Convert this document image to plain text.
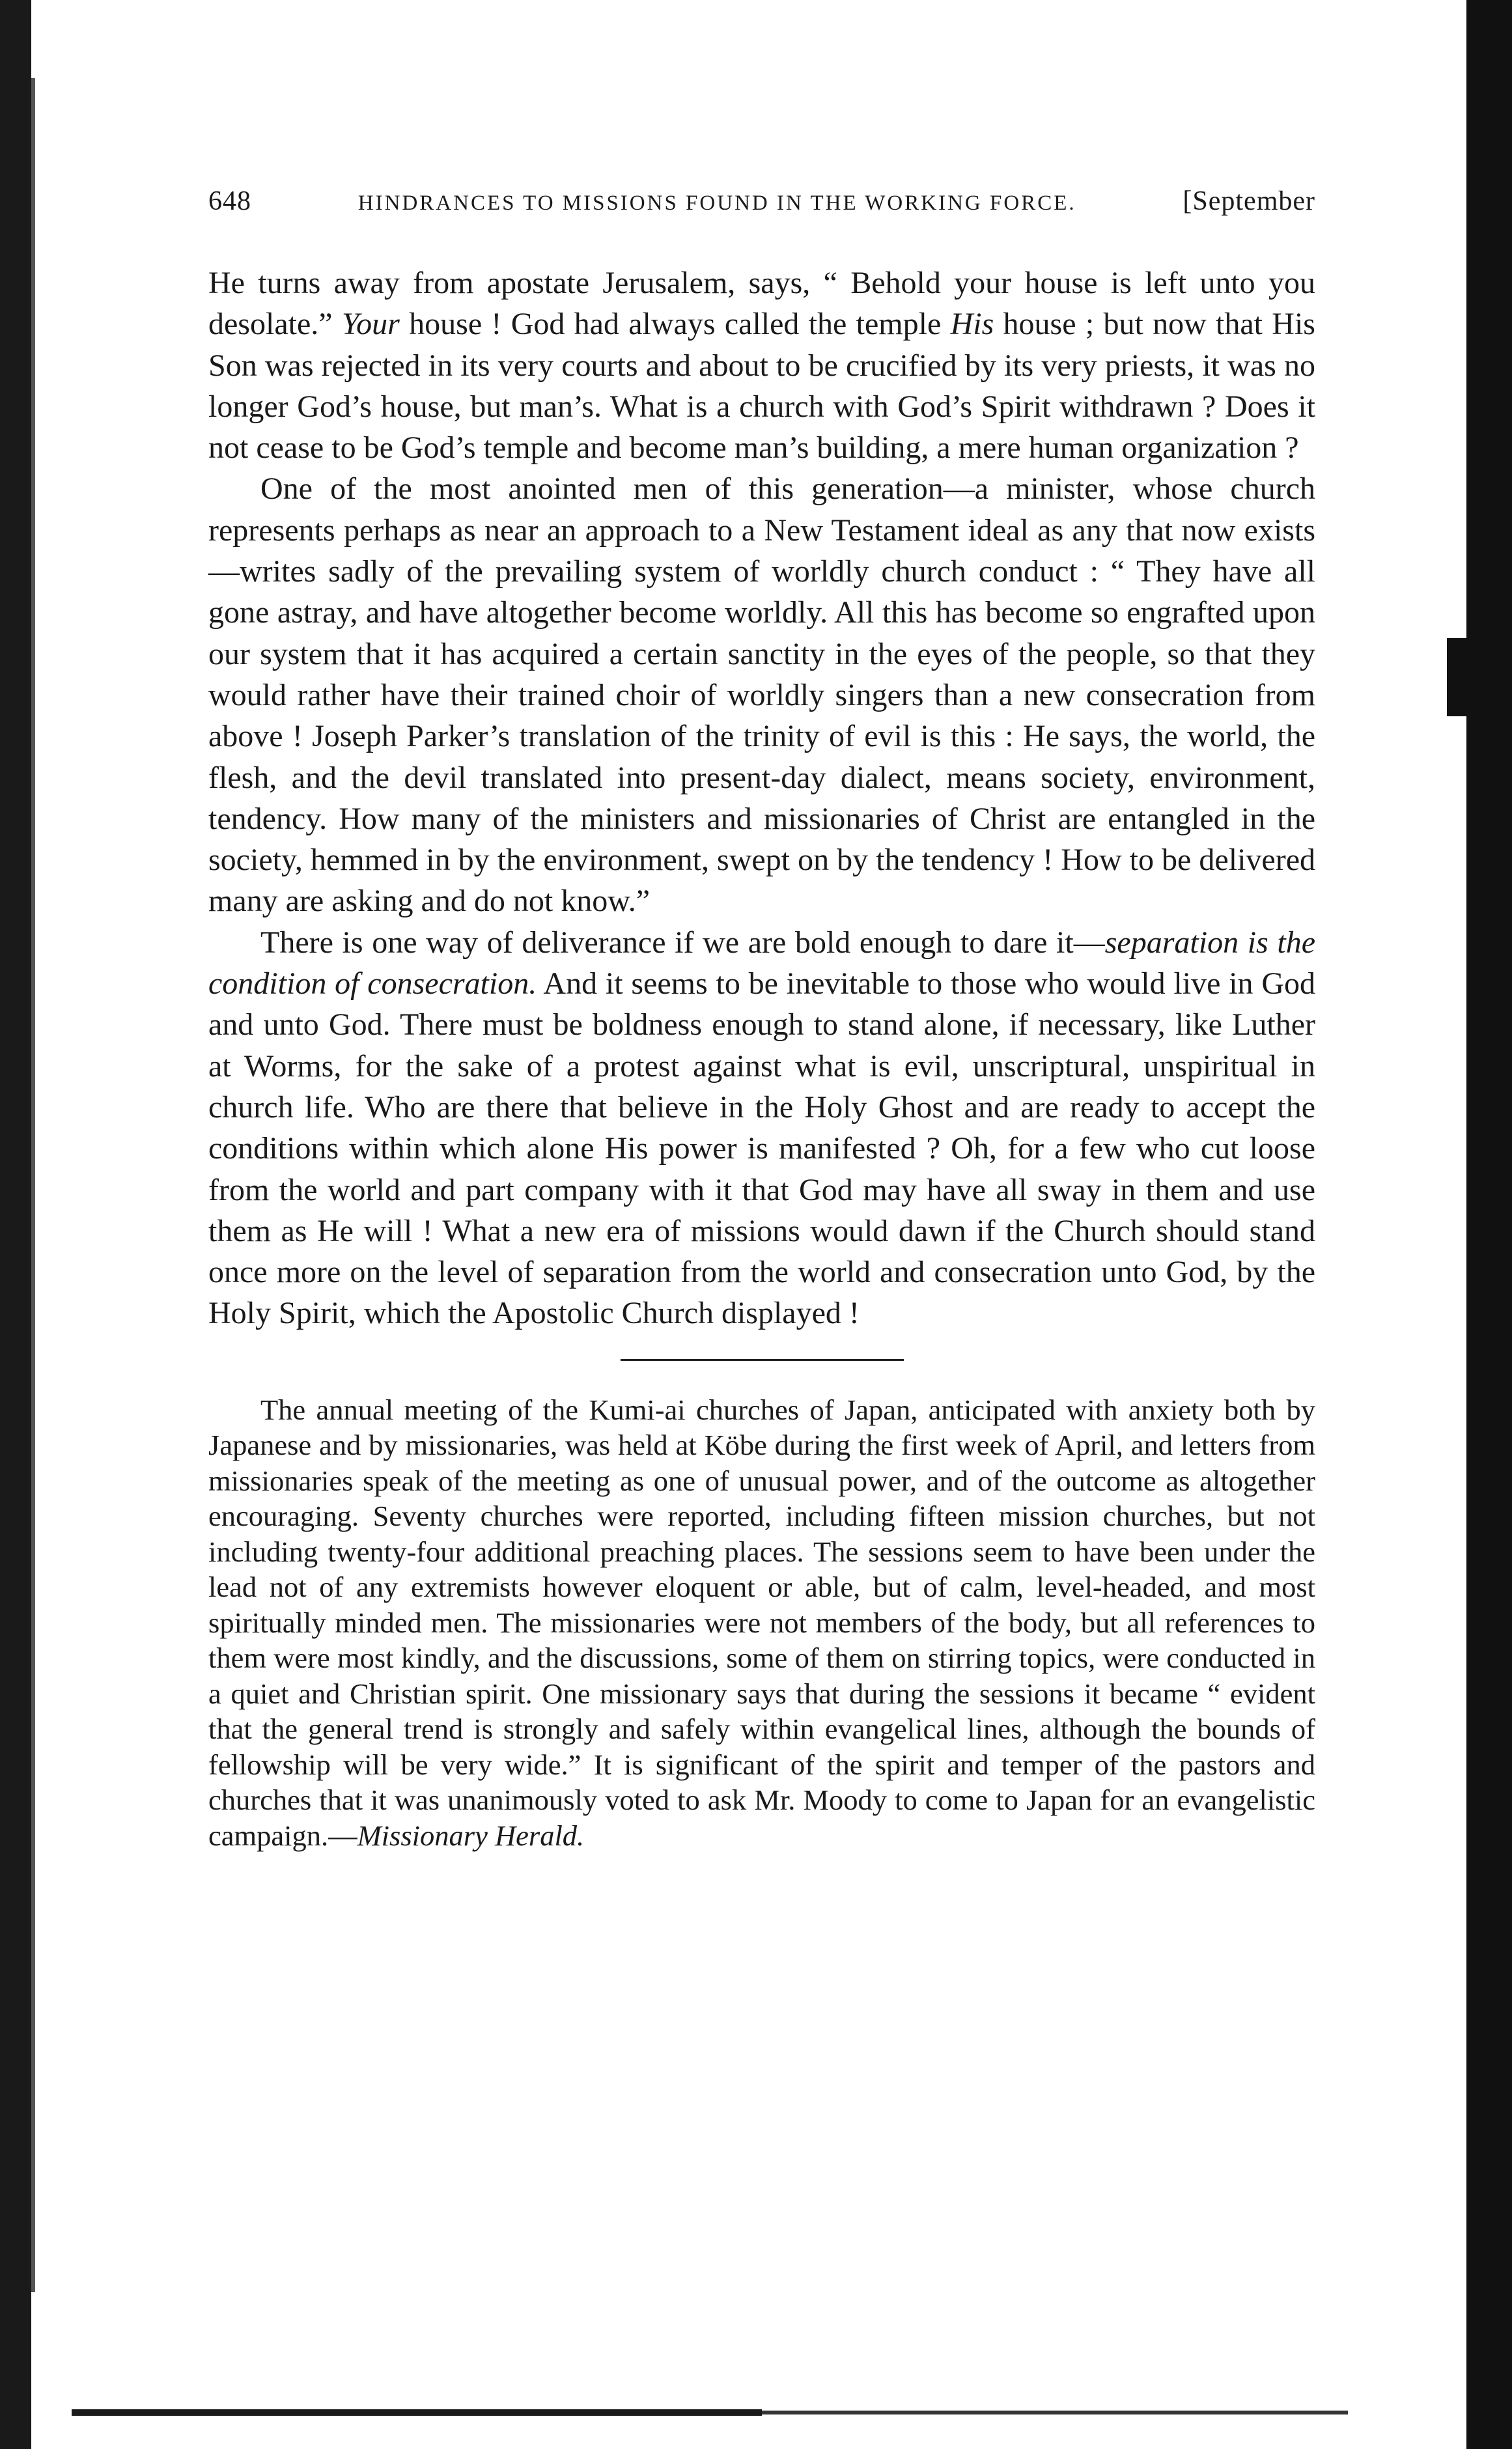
648	HINDRANCES TO MISSIONS FOUND IN THE WORKING FORCE.	[September

He turns away from apostate Jerusalem, says, “ Behold your house is left unto you desolate.” Your house ! God had always called the temple His house ; but now that His Son was rejected in its very courts and about to be crucified by its very priests, it was no longer God’s house, but man’s. What is a church with God’s Spirit withdrawn ? Does it not cease to be God’s temple and become man’s building, a mere human organization ?

One of the most anointed men of this generation—a minister, whose church represents perhaps as near an approach to a New Testament ideal as any that now exists—writes sadly of the prevailing system of worldly church conduct : “ They have all gone astray, and have altogether become worldly. All this has become so engrafted upon our system that it has acquired a certain sanctity in the eyes of the people, so that they would rather have their trained choir of worldly singers than a new consecration from above ! Joseph Parker’s translation of the trinity of evil is this : He says, the world, the flesh, and the devil translated into present-day dialect, means society, environment, tendency. How many of the ministers and missionaries of Christ are entangled in the society, hemmed in by the environment, swept on by the tendency ! How to be delivered many are asking and do not know.”

There is one way of deliverance if we are bold enough to dare it—separation is the condition of consecration. And it seems to be inevitable to those who would live in God and unto God. There must be boldness enough to stand alone, if necessary, like Luther at Worms, for the sake of a protest against what is evil, unscriptural, unspiritual in church life. Who are there that believe in the Holy Ghost and are ready to accept the conditions within which alone His power is manifested ? Oh, for a few who cut loose from the world and part company with it that God may have all sway in them and use them as He will ! What a new era of missions would dawn if the Church should stand once more on the level of separation from the world and consecration unto God, by the Holy Spirit, which the Apostolic Church displayed !

The annual meeting of the Kumi-ai churches of Japan, anticipated with anxiety both by Japanese and by missionaries, was held at Köbe during the first week of April, and letters from missionaries speak of the meeting as one of unusual power, and of the outcome as altogether encouraging. Seventy churches were reported, including fifteen mission churches, but not including twenty-four additional preaching places. The sessions seem to have been under the lead not of any extremists however eloquent or able, but of calm, level-headed, and most spiritually minded men. The missionaries were not members of the body, but all references to them were most kindly, and the discussions, some of them on stirring topics, were conducted in a quiet and Christian spirit. One missionary says that during the sessions it became “ evident that the general trend is strongly and safely within evangelical lines, although the bounds of fellowship will be very wide.” It is significant of the spirit and temper of the pastors and churches that it was unanimously voted to ask Mr. Moody to come to Japan for an evangelistic campaign.—Missionary Herald.
